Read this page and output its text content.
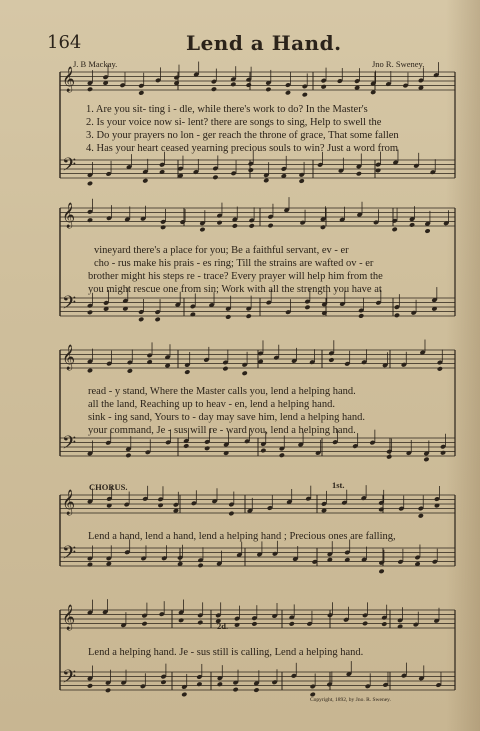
164	Lend a Hand.
J. B Mackay.	Jno R. Sweney.
𝄞
𝄢
𝄞
𝄢
𝄞
𝄢
𝄞
𝄢
𝄞
𝄢
1. Are you sit- ting i - dle, while there's work to do? In the Master's
2. Is your voice now si- lent? there are songs to sing, Help to swell the
3. Do your prayers no lon - ger reach the throne of grace, That some fallen
4. Has your heart ceased yearning precious souls to win? Just a word from
vineyard there's a place for you; Be a faithful servant, ev - er
cho - rus make his prais - es ring; Till the strains are wafted ov - er
brother might his steps re - trace? Every prayer will help him from the
you might rescue one from sin; Work with all the strength you have at
read - y stand, Where the Master calls you, lend a helping hand.
all the land, Reaching up to heav - en, lend a helping hand.
sink - ing sand, Yours to - day may save him, lend a helping hand.
your command, Je - sus will re - ward you, lend a helping hand.
CHORUS.	1st.
Lend a hand, lend a hand, lend a helping hand ; Precious ones are falling,
2d.
Lend a helping hand. Je - sus still is calling, Lend a helping hand.
Copyright, 1892, by Jno. R. Sweney.
